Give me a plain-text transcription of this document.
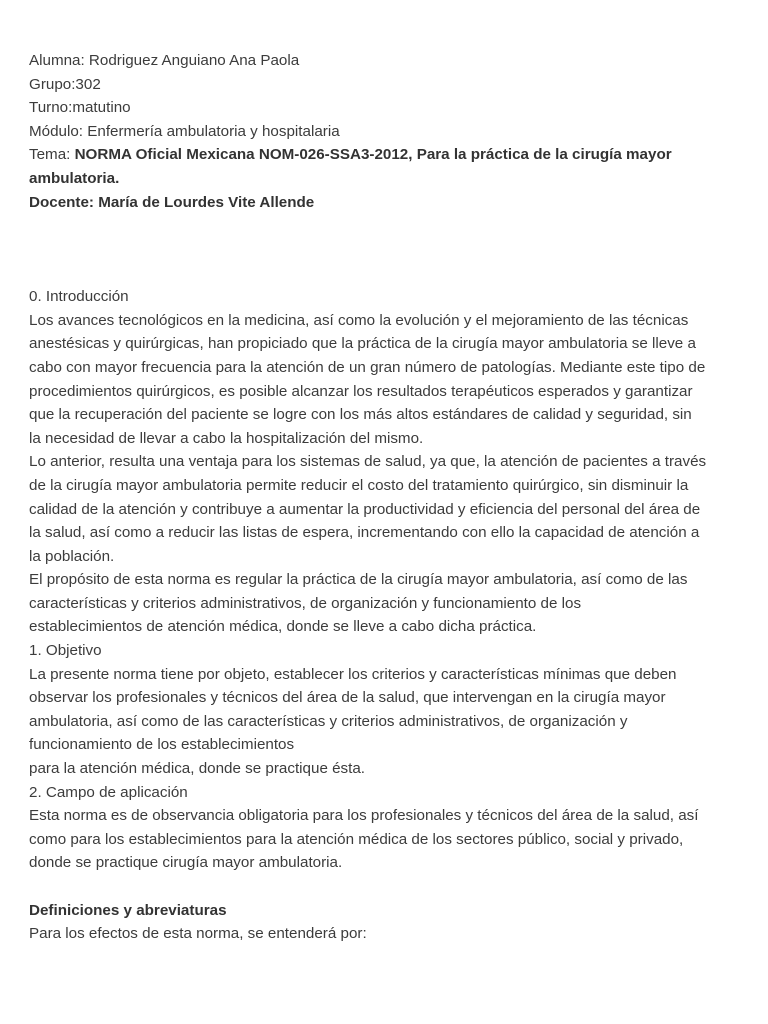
Alumna: Rodriguez Anguiano Ana Paola
Grupo:302
Turno:matutino
Módulo: Enfermería ambulatoria y hospitalaria
Tema: NORMA Oficial Mexicana NOM-026-SSA3-2012, Para la práctica de la cirugía mayor
ambulatoria.
Docente: María de Lourdes Vite Allende
0. Introducción

Los avances tecnológicos en la medicina, así como la evolución y el mejoramiento de las técnicas
anestésicas y quirúrgicas, han propiciado que la práctica de la cirugía mayor ambulatoria se lleve a
cabo con mayor frecuencia para la atención de un gran número de patologías. Mediante este tipo de
procedimientos quirúrgicos, es posible alcanzar los resultados terapéuticos esperados y garantizar
que la recuperación del paciente se logre con los más altos estándares de calidad y seguridad, sin
la necesidad de llevar a cabo la hospitalización del mismo.

Lo anterior, resulta una ventaja para los sistemas de salud, ya que, la atención de pacientes a través
de la cirugía mayor ambulatoria permite reducir el costo del tratamiento quirúrgico, sin disminuir la
calidad de la atención y contribuye a aumentar la productividad y eficiencia del personal del área de
la salud, así como a reducir las listas de espera, incrementando con ello la capacidad de atención a
la población.

El propósito de esta norma es regular la práctica de la cirugía mayor ambulatoria, así como de las
características y criterios administrativos, de organización y funcionamiento de los
establecimientos de atención médica, donde se lleve a cabo dicha práctica.

1. Objetivo

La presente norma tiene por objeto, establecer los criterios y características mínimas que deben
observar los profesionales y técnicos del área de la salud, que intervengan en la cirugía mayor
ambulatoria, así como de las características y criterios administrativos, de organización y
funcionamiento de los establecimientos
para la atención médica, donde se practique ésta.

2. Campo de aplicación

Esta norma es de observancia obligatoria para los profesionales y técnicos del área de la salud, así
como para los establecimientos para la atención médica de los sectores público, social y privado,
donde se practique cirugía mayor ambulatoria.

Definiciones y abreviaturas
Para los efectos de esta norma, se entenderá por:
